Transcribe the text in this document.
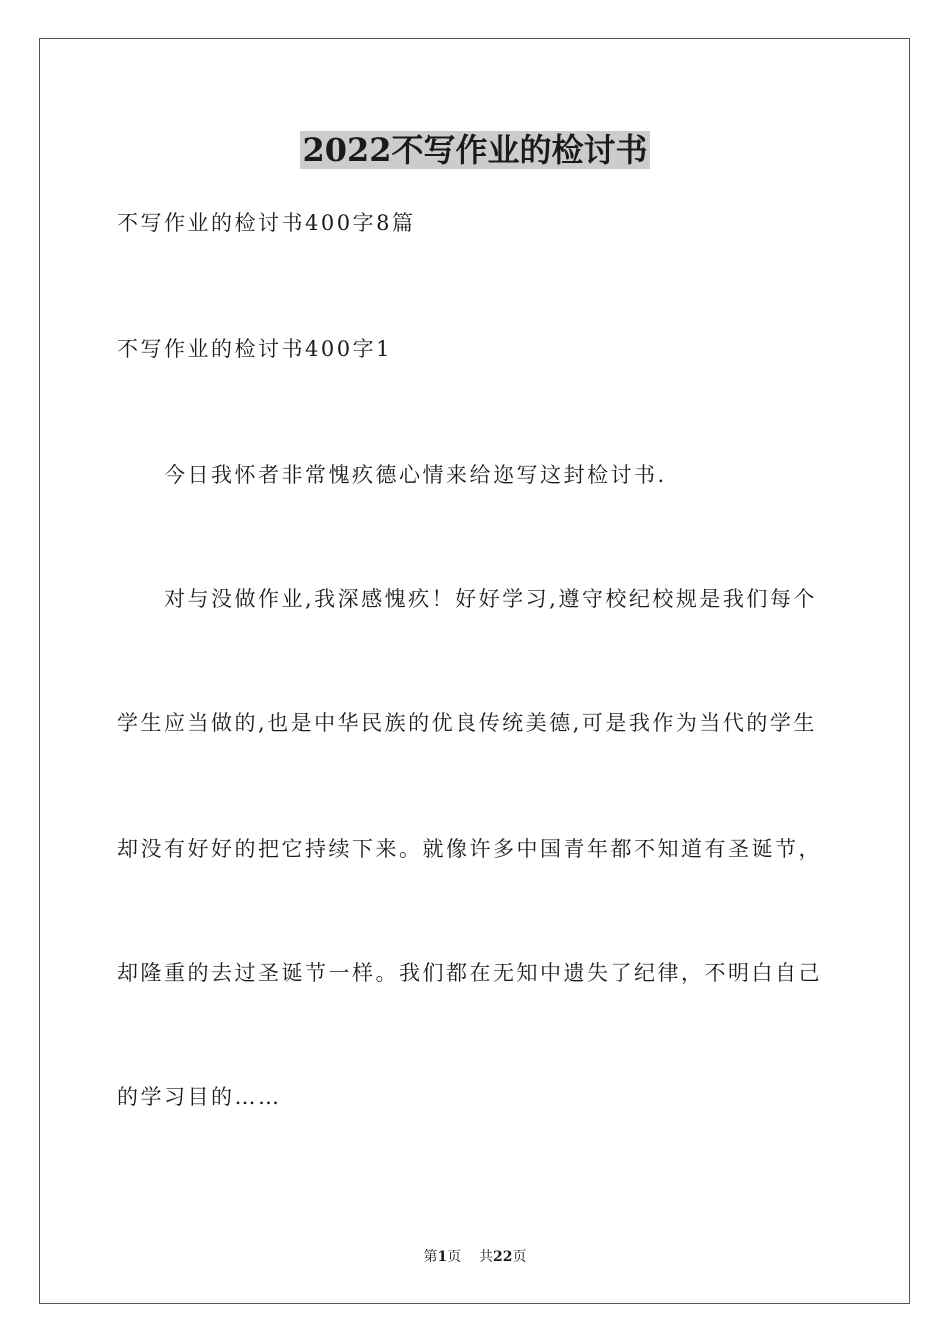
2022不写作业的检讨书
不写作业的检讨书400字8篇
不写作业的检讨书400字1
今日我怀者非常愧疚德心情来给迩写这封检讨书.
对与没做作业,我深感愧疚！好好学习,遵守校纪校规是我们每个
学生应当做的,也是中华民族的优良传统美德,可是我作为当代的学生
却没有好好的把它持续下来。就像许多中国青年都不知道有圣诞节，
却隆重的去过圣诞节一样。我们都在无知中遗失了纪律，不明白自己
的学习目的……
第1页 共22页
